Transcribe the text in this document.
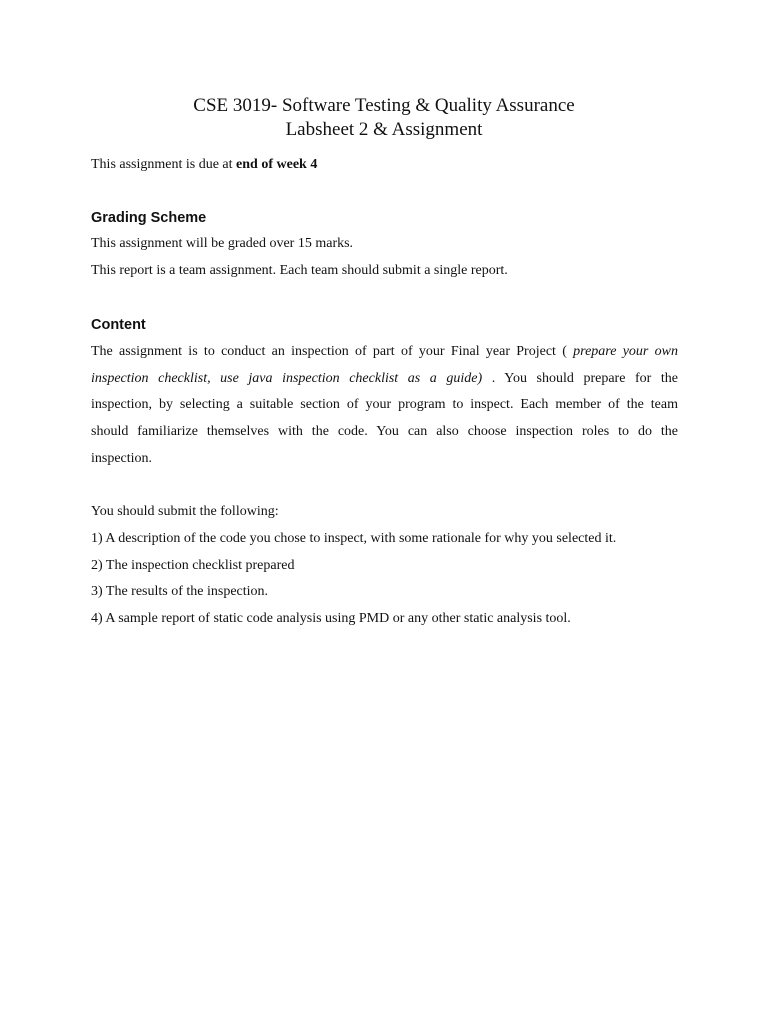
CSE 3019- Software Testing & Quality Assurance
Labsheet 2 & Assignment
This assignment is due at end of week 4
Grading Scheme
This assignment will be graded over 15 marks.
This report is a team assignment. Each team should submit a single report.
Content
The assignment is to conduct an inspection of part of your Final year Project ( prepare your own
inspection checklist, use java inspection checklist as a guide) . You should prepare for the
inspection, by selecting a suitable section of your program to inspect. Each member of the team
should familiarize themselves with the code. You can also choose inspection roles to do the
inspection.
You should submit the following:
1) A description of the code you chose to inspect, with some rationale for why you selected it.
2) The inspection checklist prepared
3) The results of the inspection.
4) A sample report of static code analysis using PMD or any other static analysis tool.
